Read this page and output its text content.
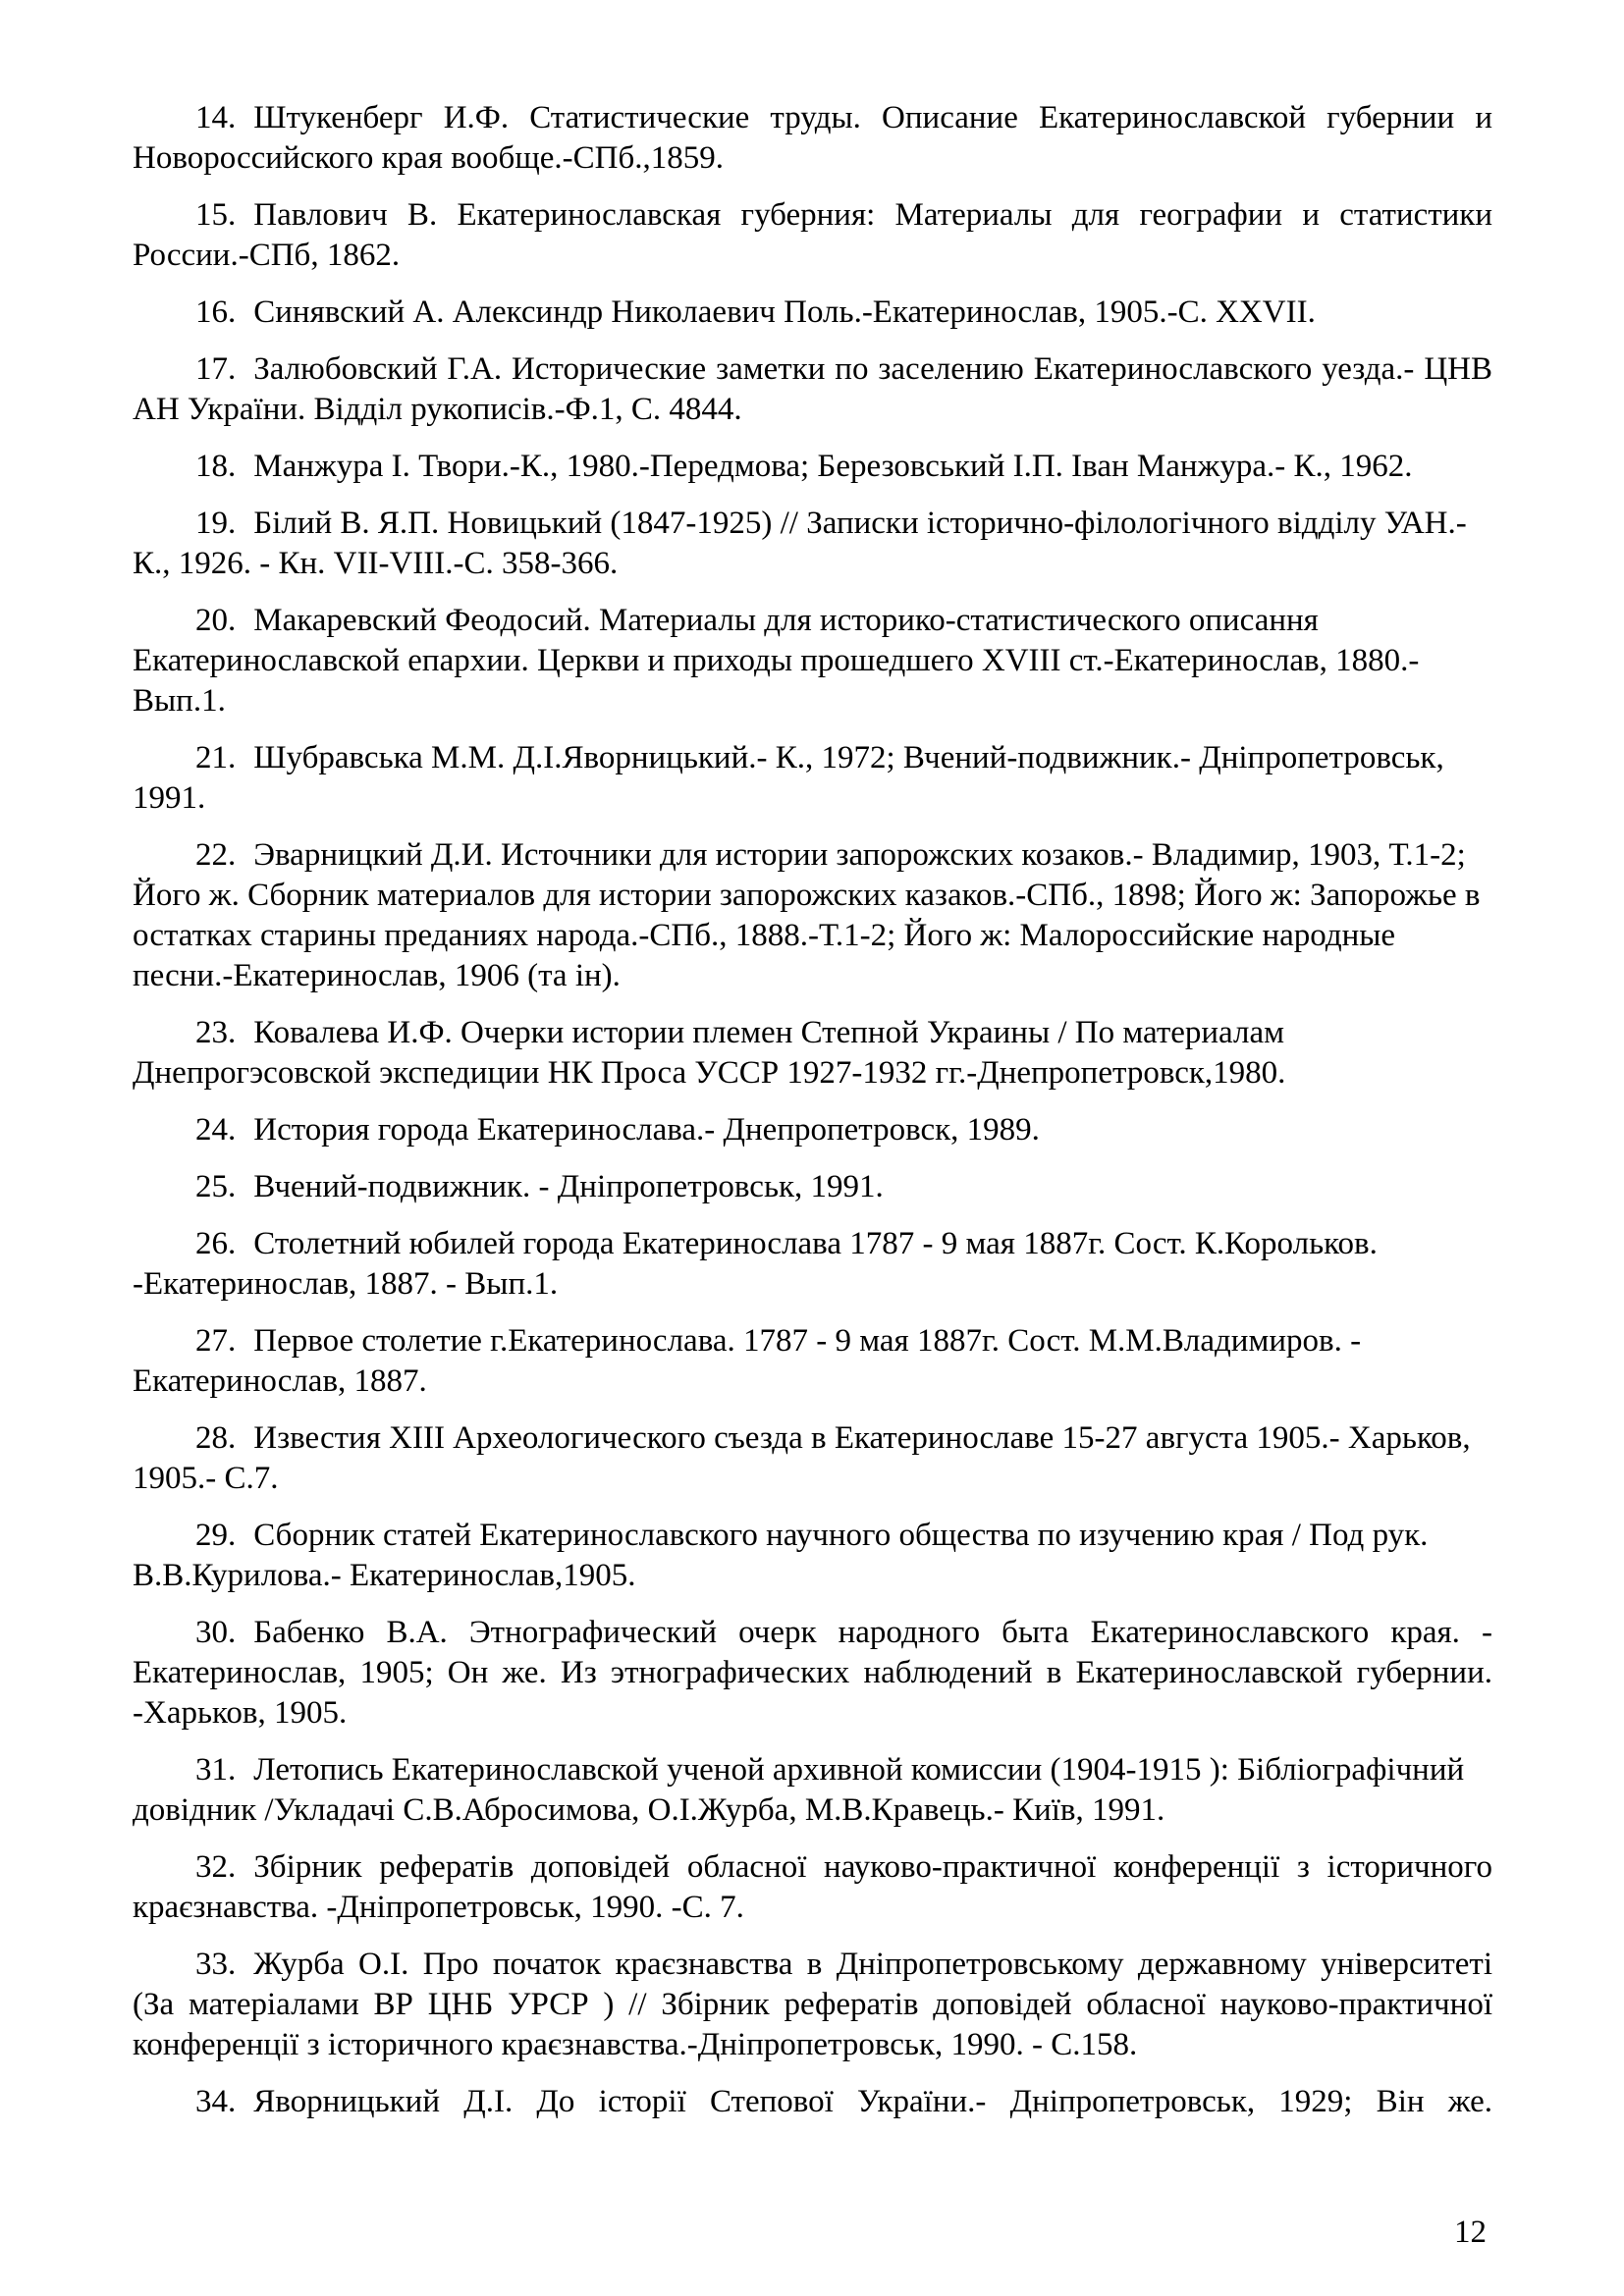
14. Штукенберг И.Ф. Статистические труды. Описание Екатеринославской губернии и Новороссийского края вообще.-СПб.,1859.

15. Павлович В. Екатеринославская губерния: Материалы для географии и статистики России.-СПб, 1862.

16. Синявский А. Алексиндр Николаевич Поль.-Екатеринослав, 1905.-С. XXVII.

17. Залюбовский Г.А. Исторические заметки по заселению Екатеринославского уезда.- ЦНВ АН України. Відділ рукописів.-Ф.1, С. 4844.

18. Манжура І. Твори.-К., 1980.-Передмова; Березовський І.П. Іван Манжура.- К., 1962.

19. Білий В. Я.П. Новицький (1847-1925) // Записки історично-філологічного відділу УАН.- К., 1926. - Кн. VII-VIII.-С. 358-366.

20. Макаревский Феодосий. Материалы для историко-статистического описання Екатеринославской епархии. Церкви и приходы прошедшего XVIII ст.-Екатеринослав, 1880.- Вып.1.

21. Шубравська М.М. Д.І.Яворницький.- К., 1972; Вчений-подвижник.- Дніпропетровськ, 1991.

22. Эварницкий Д.И. Источники для истории запорожских козаков.- Владимир, 1903, Т.1-2; Його ж. Сборник материалов для истории запорожских казаков.-СПб., 1898; Його ж: Запорожье в остатках старины преданиях народа.-СПб., 1888.-Т.1-2; Його ж: Малороссийские народные песни.-Екатеринослав, 1906 (та ін).

23. Ковалева И.Ф. Очерки истории племен Степной Украины / По материалам Днепрогэсовской экспедиции НК Проса УССР 1927-1932 гг.-Днепропетровск,1980.

24. История города Екатеринослава.- Днепропетровск, 1989.

25. Вчений-подвижник. - Дніпропетровськ, 1991.

26. Столетний юбилей города Екатеринослава 1787 - 9 мая 1887г. Сост. К.Корольков. -Екатеринослав, 1887. - Вып.1.

27. Первое столетие г.Екатеринослава. 1787 - 9 мая 1887г. Сост. М.М.Владимиров. - Екатеринослав, 1887.

28. Известия XIII Археологического съезда в Екатеринославе 15-27 августа 1905.- Харьков, 1905.- С.7.

29. Сборник статей Екатеринославского научного общества по изучению края / Под рук. В.В.Курилова.- Екатеринослав,1905.

30. Бабенко В.А. Этнографический очерк народного быта Екатеринославского края. - Екатеринослав, 1905; Он же. Из этнографических наблюдений в Екатеринославской губернии. -Харьков, 1905.

31. Летопись Екатеринославской ученой архивной комиссии (1904-1915 ): Бібліографічний довідник /Укладачі С.В.Абросимова, О.І.Журба, М.В.Кравець.- Київ, 1991.

32. Збірник рефератів доповідей обласної науково-практичної конференції з історичного краєзнавства. -Дніпропетровськ, 1990. -С. 7.

33. Журба О.І. Про початок краєзнавства в Дніпропетровському державному університеті (За матеріалами ВР ЦНБ УРСР ) // Збірник рефератів доповідей обласної науково-практичної конференції з історичного краєзнавства.-Дніпропетровськ, 1990. - С.158.

34. Яворницький Д.І. До історії Степової України.- Дніпропетровськ, 1929; Він же.

12
